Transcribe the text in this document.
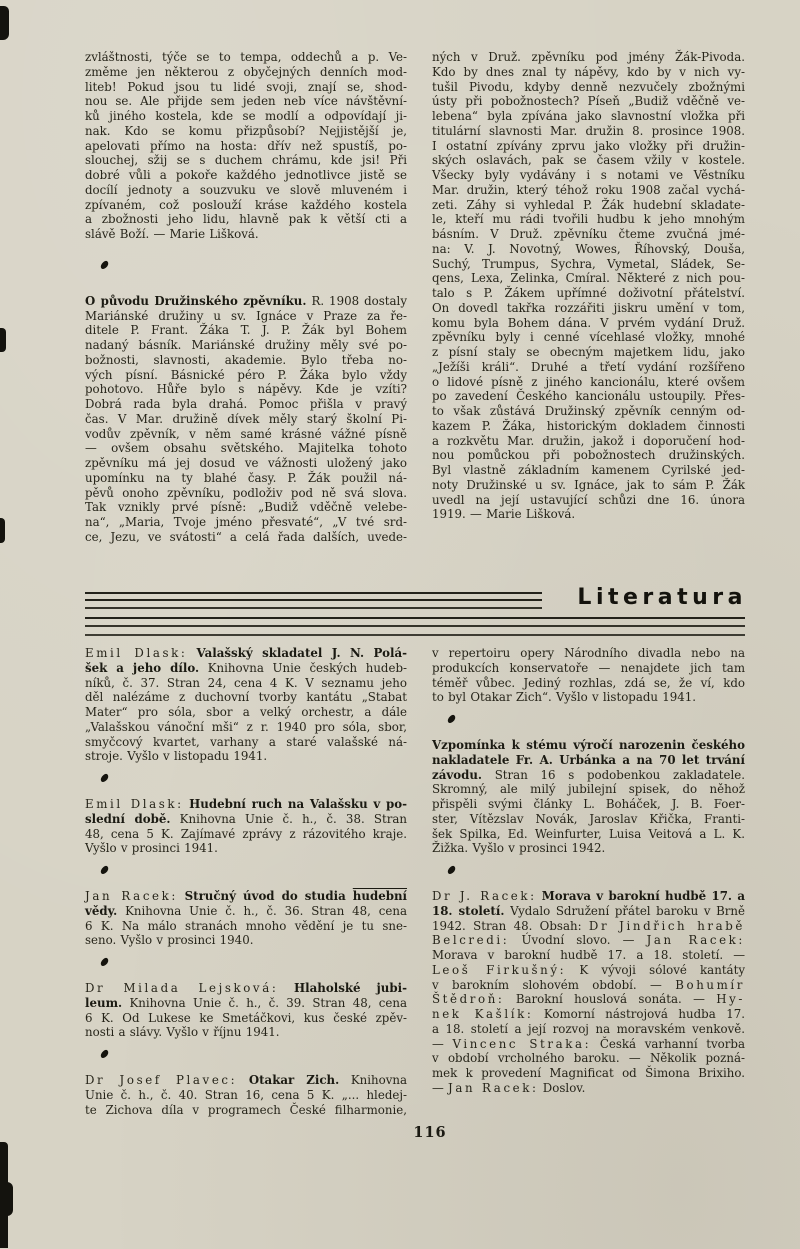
zvláštnosti, týče se to tempa, oddechů a p. Ve-
změme jen některou z obyčejných denních mod-
liteb! Pokud jsou tu lidé svoji, znají se, shod-
nou se. Ale přijde sem jeden neb více návštěvní-
ků jiného kostela, kde se modlí a odpovídají ji-
nak. Kdo se komu přizpůsobí? Nejjistější je,
apelovati přímo na hosta: dřív než spustíš, po-
slouchej, sžij se s duchem chrámu, kde jsi! Při
dobré vůli a pokoře každého jednotlivce jistě se
docílí jednoty a souzvuku ve slově mluveném i
zpívaném, což poslouží kráse každého kostela
a zbožnosti jeho lidu, hlavně pak k větší cti a
slávě Boží. — Marie Lišková.
O původu Družinského zpěvníku. R. 1908 dostaly
Mariánské družiny u sv. Ignáce v Praze za ře-
ditele P. Frant. Žáka T. J. P. Žák byl Bohem
nadaný básník. Mariánské družiny měly své po-
božnosti, slavnosti, akademie. Bylo třeba no-
vých písní. Básnické péro P. Žáka bylo vždy
pohotovo. Hůře bylo s nápěvy. Kde je vzíti?
Dobrá rada byla drahá. Pomoc přišla v pravý
čas. V Mar. družině dívek měly starý školní Pi-
vodův zpěvník, v něm samé krásné vážné písně
— ovšem obsahu světského. Majitelka tohoto
zpěvníku má jej dosud ve vážnosti uložený jako
upomínku na ty blahé časy. P. Žák použil ná-
pěvů onoho zpěvníku, podloživ pod ně svá slova.
Tak vznikly prvé písně: „Budiž vděčně velebe-
na“, „Maria, Tvoje jméno přesvaté“, „V tvé srd-
ce, Jezu, ve svátosti“ a celá řada dalších, uvede-
ných v Druž. zpěvníku pod jmény Žák-Pivoda.
Kdo by dnes znal ty nápěvy, kdo by v nich vy-
tušil Pivodu, kdyby denně nezvučely zbožnými
ústy při pobožnostech? Píseň „Budiž vděčně ve-
lebena“ byla zpívána jako slavnostní vložka při
titulární slavnosti Mar. družin 8. prosince 1908.
I ostatní zpívány zprvu jako vložky při družin-
ských oslavách, pak se časem vžily v kostele.
Všecky byly vydávány i s notami ve Věstníku
Mar. družin, který téhož roku 1908 začal vychá-
zeti. Záhy si vyhledal P. Žák hudební skladate-
le, kteří mu rádi tvořili hudbu k jeho mnohým
básním. V Druž. zpěvníku čteme zvučná jmé-
na: V. J. Novotný, Wowes, Říhovský, Douša,
Suchý, Trumpus, Sychra, Vymetal, Sládek, Se-
qens, Lexa, Zelinka, Cmíral. Některé z nich pou-
talo s P. Žákem upřímné doživotní přátelství.
On dovedl takřka rozzářiti jiskru umění v tom,
komu byla Bohem dána. V prvém vydání Druž.
zpěvníku byly i cenné vícehlasé vložky, mnohé
z písní staly se obecným majetkem lidu, jako
„Ježíši králi“. Druhé a třetí vydání rozšířeno
o lidové písně z jiného kancionálu, které ovšem
po zavedení Českého kancionálu ustoupily. Přes-
to však zůstává Družinský zpěvník cenným od-
kazem P. Žáka, historickým dokladem činnosti
a rozkvětu Mar. družin, jakož i doporučení hod-
nou pomůckou při pobožnostech družinských.
Byl vlastně základním kamenem Cyrilské jed-
noty Družinské u sv. Ignáce, jak to sám P. Žák
uvedl na její ustavující schůzi dne 16. února
1919. — Marie Lišková.
Literatura
Emil Dlask: Valašský skladatel J. N. Polá-
šek a jeho dílo. Knihovna Unie českých hudeb-
níků, č. 37. Stran 24, cena 4 K. V seznamu jeho
děl nalézáme z duchovní tvorby kantátu „Stabat
Mater“ pro sóla, sbor a velký orchestr, a dále
„Valašskou vánoční mši“ z r. 1940 pro sóla, sbor,
smyčcový kvartet, varhany a staré valašské ná-
stroje. Vyšlo v listopadu 1941.
Emil Dlask: Hudební ruch na Valašsku v po-
slední době. Knihovna Unie č. h., č. 38. Stran
48, cena 5 K. Zajímavé zprávy z rázovitého kraje.
Vyšlo v prosinci 1941.
Jan Racek: Stručný úvod do studia hudební
vědy. Knihovna Unie č. h., č. 36. Stran 48, cena
6 K. Na málo stranách mnoho vědění je tu sne-
seno. Vyšlo v prosinci 1940.
Dr Milada Lejsková: Hlaholské jubi-
leum. Knihovna Unie č. h., č. 39. Stran 48, cena
6 K. Od Lukese ke Smetáčkovi, kus české zpěv-
nosti a slávy. Vyšlo v říjnu 1941.
Dr Josef Plavec: Otakar Zich. Knihovna
Unie č. h., č. 40. Stran 16, cena 5 K. „... hledej-
te Zichova díla v programech České filharmonie,
v repertoiru opery Národního divadla nebo na
produkcích konservatoře — nenajdete jich tam
téměř vůbec. Jediný rozhlas, zdá se, že ví, kdo
to byl Otakar Zich“. Vyšlo v listopadu 1941.
Vzpomínka k stému výročí narozenin českého
nakladatele Fr. A. Urbánka a na 70 let trvání
závodu. Stran 16 s podobenkou zakladatele.
Skromný, ale milý jubilejní spisek, do něhož
přispěli svými články L. Boháček, J. B. Foer-
ster, Vítězslav Novák, Jaroslav Křička, Franti-
šek Spilka, Ed. Weinfurter, Luisa Veitová a L. K.
Žižka. Vyšlo v prosinci 1942.
Dr J. Racek: Morava v barokní hudbě 17. a
18. století. Vydalo Sdružení přátel baroku v Brně
1942. Stran 48. Obsah: Dr Jindřich hrabě
Belcredi: Úvodní slovo. — Jan Racek:
Morava v barokní hudbě 17. a 18. století. —
Leoš Firkušný: K vývoji sólové kantáty
v barokním slohovém období. — Bohumír
Štědroň: Barokní houslová sonáta. — Hy-
nek Kašlík: Komorní nástrojová hudba 17.
a 18. století a její rozvoj na moravském venkově.
— Vincenc Straka: Česká varhanní tvorba
v období vrcholného baroku. — Několik pozná-
mek k provedení Magnificat od Šimona Brixiho.
— Jan Racek: Doslov.
116
